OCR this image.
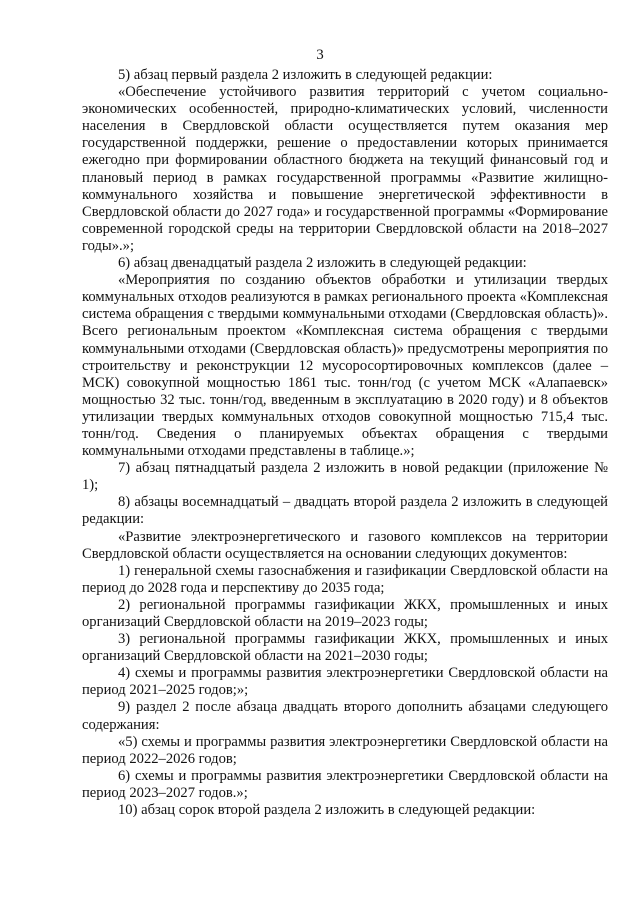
3

5) абзац первый раздела 2 изложить в следующей редакции:

«Обеспечение устойчивого развития территорий с учетом социально-экономических особенностей, природно-климатических условий, численности населения в Свердловской области осуществляется путем оказания мер государственной поддержки, решение о предоставлении которых принимается ежегодно при формировании областного бюджета на текущий финансовый год и плановый период в рамках государственной программы «Развитие жилищно-коммунального хозяйства и повышение энергетической эффективности в Свердловской области до 2027 года» и государственной программы «Формирование современной городской среды на территории Свердловской области на 2018–2027 годы».»;

6) абзац двенадцатый раздела 2 изложить в следующей редакции:

«Мероприятия по созданию объектов обработки и утилизации твердых коммунальных отходов реализуются в рамках регионального проекта «Комплексная система обращения с твердыми коммунальными отходами (Свердловская область)». Всего региональным проектом «Комплексная система обращения с твердыми коммунальными отходами (Свердловская область)» предусмотрены мероприятия по строительству и реконструкции 12 мусоросортировочных комплексов (далее – МСК) совокупной мощностью 1861 тыс. тонн/год (с учетом МСК «Алапаевск» мощностью 32 тыс. тонн/год, введенным в эксплуатацию в 2020 году) и 8 объектов утилизации твердых коммунальных отходов совокупной мощностью 715,4 тыс. тонн/год. Сведения о планируемых объектах обращения с твердыми коммунальными отходами представлены в таблице.»;

7) абзац пятнадцатый раздела 2 изложить в новой редакции (приложение № 1);

8) абзацы восемнадцатый – двадцать второй раздела 2 изложить в следующей редакции:

«Развитие электроэнергетического и газового комплексов на территории Свердловской области осуществляется на основании следующих документов:

1) генеральной схемы газоснабжения и газификации Свердловской области на период до 2028 года и перспективу до 2035 года;

2) региональной программы газификации ЖКХ, промышленных и иных организаций Свердловской области на 2019–2023 годы;

3) региональной программы газификации ЖКХ, промышленных и иных организаций Свердловской области на 2021–2030 годы;

4) схемы и программы развития электроэнергетики Свердловской области на период 2021–2025 годов;»;

9) раздел 2 после абзаца двадцать второго дополнить абзацами следующего содержания:

«5) схемы и программы развития электроэнергетики Свердловской области на период 2022–2026 годов;

6) схемы и программы развития электроэнергетики Свердловской области на период 2023–2027 годов.»;

10) абзац сорок второй раздела 2 изложить в следующей редакции:
